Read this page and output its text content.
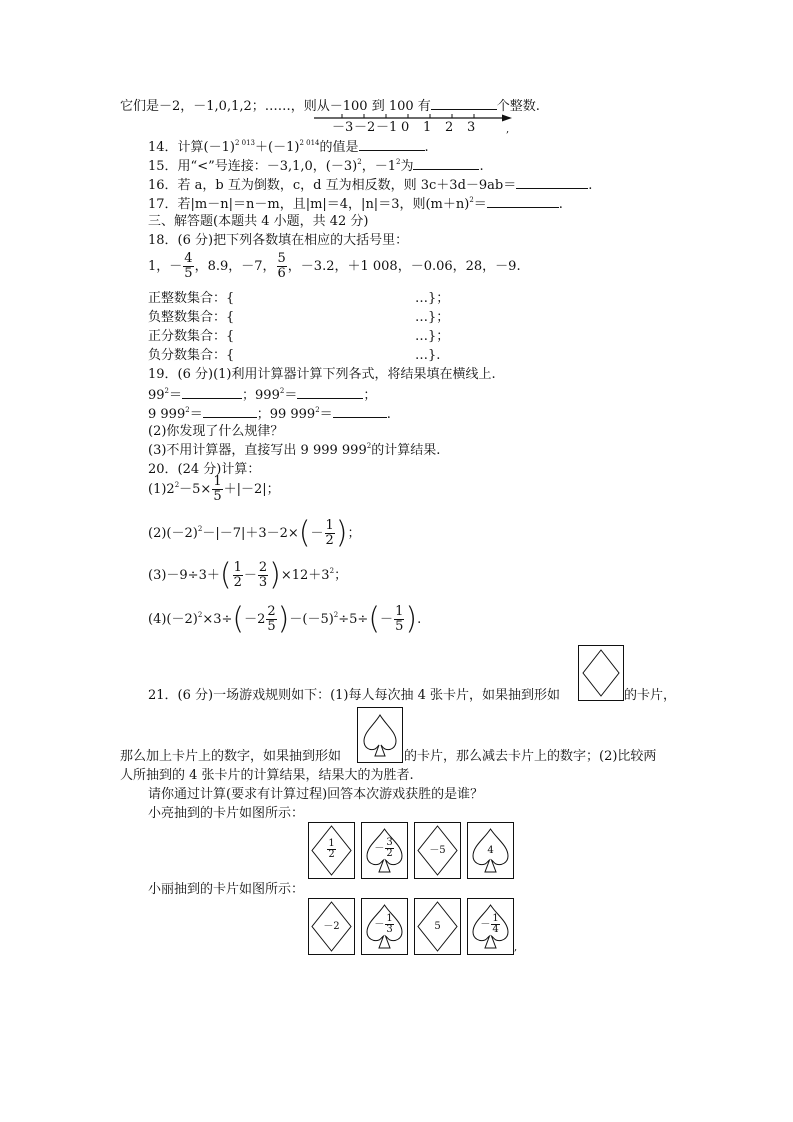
它们是－2，－1,0,1,2；……，则从－100 到 100 有	个整数.
－3 －2 －1 0 1 2 3	,
14．计算$(-1)^{2 013}+(-1)^{2 014}$的值是	.
15．用“<”号连接：－3,1,0，$(-3)^2$，$-1^2$为	.
16．若 a，b 互为倒数，c，d 互为相反数，则 3c＋3d－9ab＝	.
17．若|m－n|＝n－m，且|m|＝4，|n|＝3，则$(m+n)^2=$	.
三、解答题(本题共 4 小题，共 42 分)
18．(6 分)把下列各数填在相应的大括号里：
1，－ $\frac{4}{5}$ ，8.9，－7， $\frac{5}{6}$ ，－3.2，＋1 008，－0.06，28，－9.
正整数集合：{	…}；
负整数集合：{	…}；
正分数集合：{	…}；
负分数集合：{	…}.
19．(6 分)(1)利用计算器计算下列各式，将结果填在横线上.
$99^2=$	；$999^2=$	；
9 $999^2=$	；99 $999^2=$	.
(2)你发现了什么规律？
(3)不用计算器，直接写出 9 999 $999^2$的计算结果.
20．(24 分)计算：
$(1)2^2-5\times \frac{1}{5} +|-2|$；
$(2)(-2)^2-|-7|+3-2\times(- \frac{1}{2}$ )；
$(3)-9\div 3+( \frac{1}{2} - \frac{2}{3} )\times 12+3^2$；
$(4)(-2)^2\times 3\div(-2 \frac{2}{5} )-(-5)^2\div 5\div(- \frac{1}{5}$ ).
21．(6 分)一场游戏规则如下：(1)每人每次抽 4 张卡片，如果抽到形如	的卡片，
那么加上卡片上的数字，如果抽到形如	的卡片，那么减去卡片上的数字；(2)比较两
人所抽到的 4 张卡片的计算结果，结果大的为胜者.
请你通过计算(要求有计算过程)回答本次游戏获胜的是谁？
小亮抽到的卡片如图所示：
$\frac{1}{2}$	－ $\frac{3}{2}$	－5	4
小丽抽到的卡片如图所示：
－2	－ $\frac{1}{3}$	5	－ $\frac{1}{4}$
,
